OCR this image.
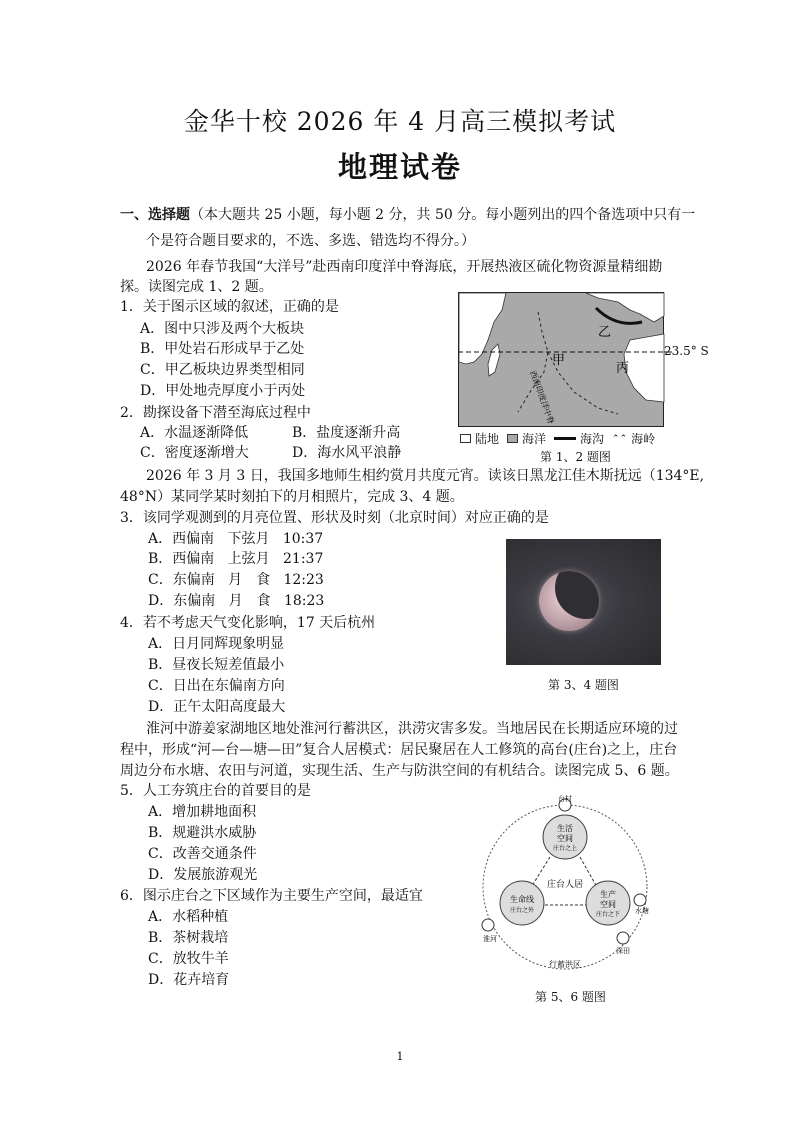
金华十校 2026 年 4 月高三模拟考试
地理试卷
一、选择题（本大题共 25 小题，每小题 2 分，共 50 分。每小题列出的四个备选项中只有一
个是符合题目要求的，不选、多选、错选均不得分。）
2026 年春节我国“大洋号”赴西南印度洋中脊海底，开展热液区硫化物资源量精细勘
探。读图完成 1、2 题。
1．关于图示区域的叙述，正确的是
A．图中只涉及两个大板块
B．甲处岩石形成早于乙处
C．甲乙板块边界类型相同
D．甲处地壳厚度小于丙处
2．勘探设备下潜至海底过程中
A．水温逐渐降低	B．盐度逐渐升高
C．密度逐渐增大	D．海水风平浪静
乙
甲
丙
西南印度洋中脊
23.5° S
陆地 海洋	海沟 ⌃⌃ 海岭
第 1、2 题图
2026 年 3 月 3 日，我国多地师生相约赏月共度元宵。读该日黑龙江佳木斯抚远（134°E,
48°N）某同学某时刻拍下的月相照片，完成 3、4 题。
3．该同学观测到的月亮位置、形状及时刻（北京时间）对应正确的是
A．西偏南 下弦月 10:37
B．西偏南 上弦月 21:37
C．东偏南 月　食 12:23
D．东偏南 月　食 18:23
第 3、4 题图
4．若不考虑天气变化影响，17 天后杭州
A．日月同辉现象明显
B．昼夜长短差值最小
C．日出在东偏南方向
D．正午太阳高度最大
淮河中游姜家湖地区地处淮河行蓄洪区，洪涝灾害多发。当地居民在长期适应环境的过
程中，形成“河—台—塘—田”复合人居模式：居民聚居在人工修筑的高台(庄台)之上，庄台
周边分布水塘、农田与河道，实现生活、生产与防洪空间的有机结合。读图完成 5、6 题。
5．人工夯筑庄台的首要目的是
A．增加耕地面积
B．规避洪水威胁
C．改善交通条件
D．发展旅游观光
6．图示庄台之下区域作为主要生产空间，最适宜
A．水稻种植
B．茶树栽培
C．放牧牛羊
D．花卉培育
台村
生活
空间
庄台之上
庄台人居
生命线
庄台之外
生产
空间
庄台之下
淮河
水塘
深田
行蓄洪区
第 5、6 题图
1
